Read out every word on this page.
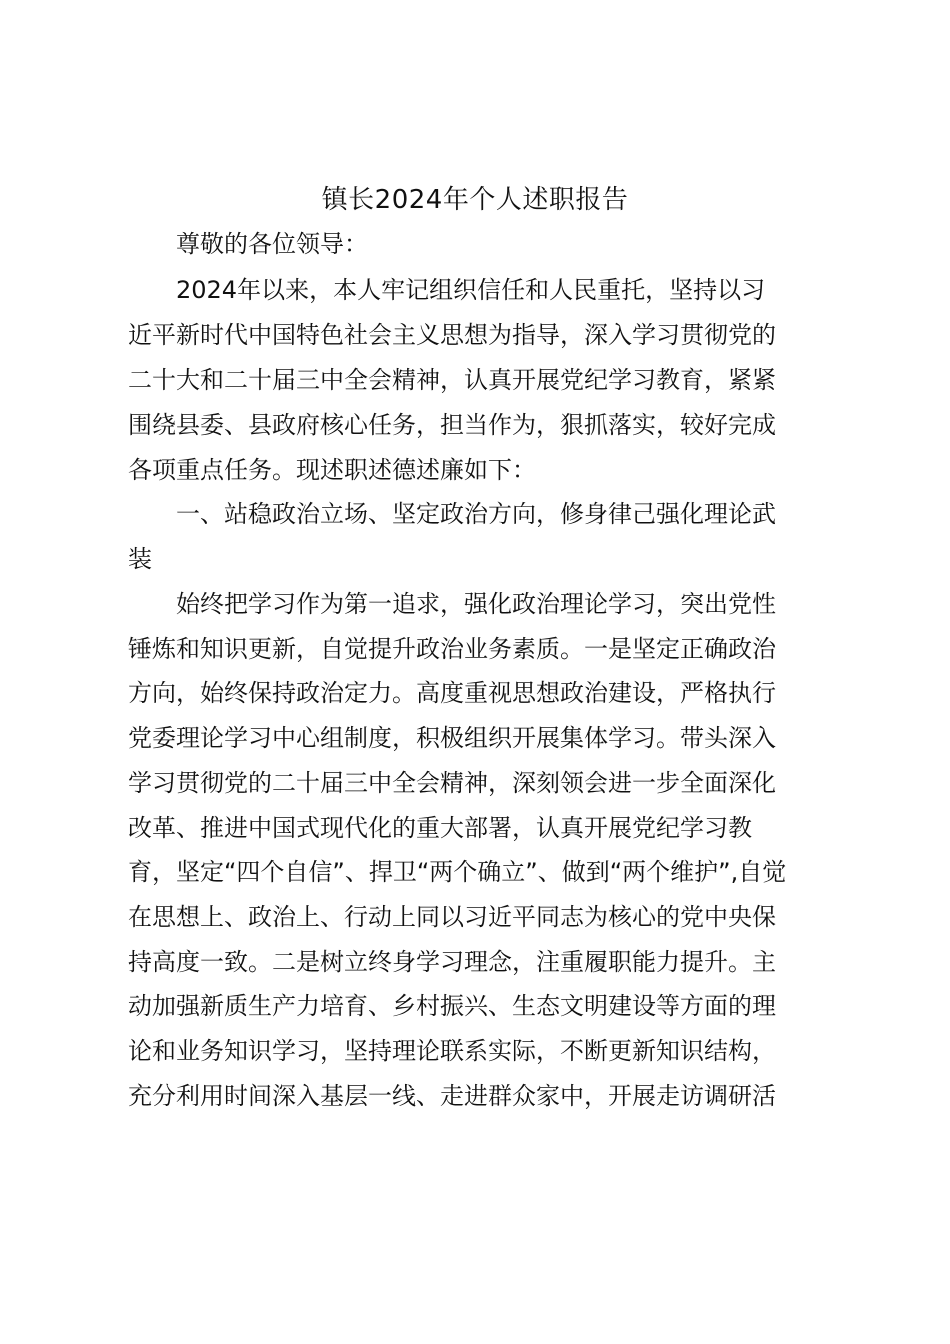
镇长2024年个人述职报告
尊敬的各位领导：
2024年以来，本人牢记组织信任和人民重托，坚持以习
近平新时代中国特色社会主义思想为指导，深入学习贯彻党的
二十大和二十届三中全会精神，认真开展党纪学习教育，紧紧
围绕县委、县政府核心任务，担当作为，狠抓落实，较好完成
各项重点任务。现述职述德述廉如下：
一、站稳政治立场、坚定政治方向，修身律己强化理论武
装
始终把学习作为第一追求，强化政治理论学习，突出党性
锤炼和知识更新，自觉提升政治业务素质。一是坚定正确政治
方向，始终保持政治定力。高度重视思想政治建设，严格执行
党委理论学习中心组制度，积极组织开展集体学习。带头深入
学习贯彻党的二十届三中全会精神，深刻领会进一步全面深化
改革、推进中国式现代化的重大部署，认真开展党纪学习教
育，坚定“四个自信”、捍卫“两个确立”、做到“两个维护”,自觉
在思想上、政治上、行动上同以习近平同志为核心的党中央保
持高度一致。二是树立终身学习理念，注重履职能力提升。主
动加强新质生产力培育、乡村振兴、生态文明建设等方面的理
论和业务知识学习，坚持理论联系实际，不断更新知识结构，
充分利用时间深入基层一线、走进群众家中，开展走访调研活
